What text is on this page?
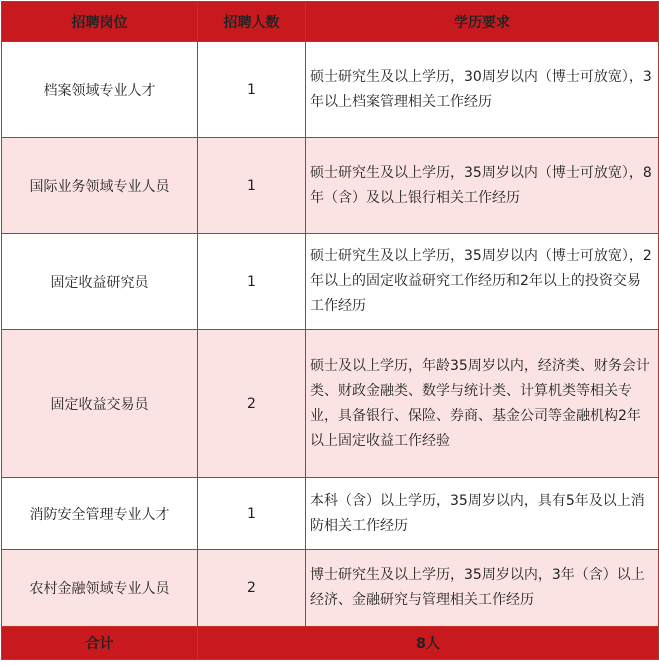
招聘岗位	招聘人数	学历要求
档案领域专业人才	1	硕士研究生及以上学历，30周岁以内（博士可放宽），3年以上档案管理相关工作经历
国际业务领域专业人员	1	硕士研究生及以上学历，35周岁以内（博士可放宽），8年（含）及以上银行相关工作经历
固定收益研究员	1	硕士研究生及以上学历，35周岁以内（博士可放宽），2年以上的固定收益研究工作经历和2年以上的投资交易工作经历
固定收益交易员	2	硕士及以上学历，年龄35周岁以内，经济类、财务会计类、财政金融类、数学与统计类、计算机类等相关专业，具备银行、保险、券商、基金公司等金融机构2年以上固定收益工作经验
消防安全管理专业人才	1	本科（含）以上学历，35周岁以内，具有5年及以上消防相关工作经历
农村金融领域专业人员	2	博士研究生及以上学历，35周岁以内，3年（含）以上经济、金融研究与管理相关工作经历
合计	8人	
